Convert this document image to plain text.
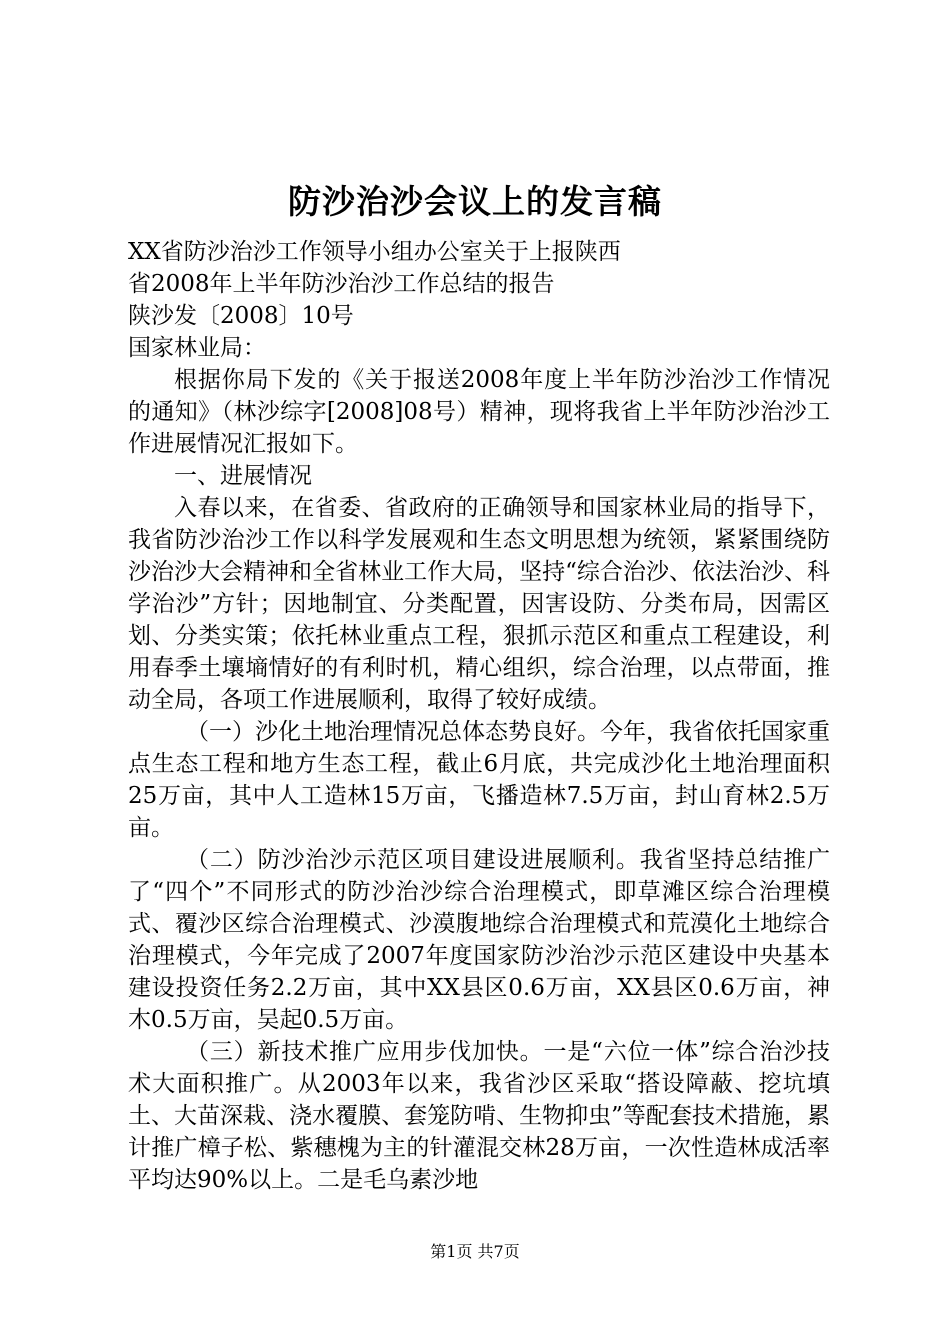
防沙治沙会议上的发言稿

XX省防沙治沙工作领导小组办公室关于上报陕西

省2008年上半年防沙治沙工作总结的报告

陕沙发〔2008〕10号

国家林业局：

根据你局下发的《关于报送2008年度上半年防沙治沙工作情况的通知》（林沙综字[2008]08号）精神，现将我省上半年防沙治沙工作进展情况汇报如下。

一、进展情况

入春以来，在省委、省政府的正确领导和国家林业局的指导下，我省防沙治沙工作以科学发展观和生态文明思想为统领，紧紧围绕防沙治沙大会精神和全省林业工作大局，坚持“综合治沙、依法治沙、科学治沙”方针；因地制宜、分类配置，因害设防、分类布局，因需区划、分类实策；依托林业重点工程，狠抓示范区和重点工程建设，利用春季土壤墒情好的有利时机，精心组织，综合治理，以点带面，推动全局，各项工作进展顺利，取得了较好成绩。

（一）沙化土地治理情况总体态势良好。今年，我省依托国家重点生态工程和地方生态工程，截止6月底，共完成沙化土地治理面积25万亩，其中人工造林15万亩，飞播造林7.5万亩，封山育林2.5万亩。

（二）防沙治沙示范区项目建设进展顺利。我省坚持总结推广了“四个”不同形式的防沙治沙综合治理模式，即草滩区综合治理模式、覆沙区综合治理模式、沙漠腹地综合治理模式和荒漠化土地综合治理模式，今年完成了2007年度国家防沙治沙示范区建设中央基本建设投资任务2.2万亩，其中XX县区0.6万亩，XX县区0.6万亩，神木0.5万亩，吴起0.5万亩。

（三）新技术推广应用步伐加快。一是“六位一体”综合治沙技术大面积推广。从2003年以来，我省沙区采取“搭设障蔽、挖坑填土、大苗深栽、浇水覆膜、套笼防啃、生物抑虫”等配套技术措施，累计推广樟子松、紫穗槐为主的针灌混交林28万亩，一次性造林成活率平均达90%以上。二是毛乌素沙地

第1页 共7页
